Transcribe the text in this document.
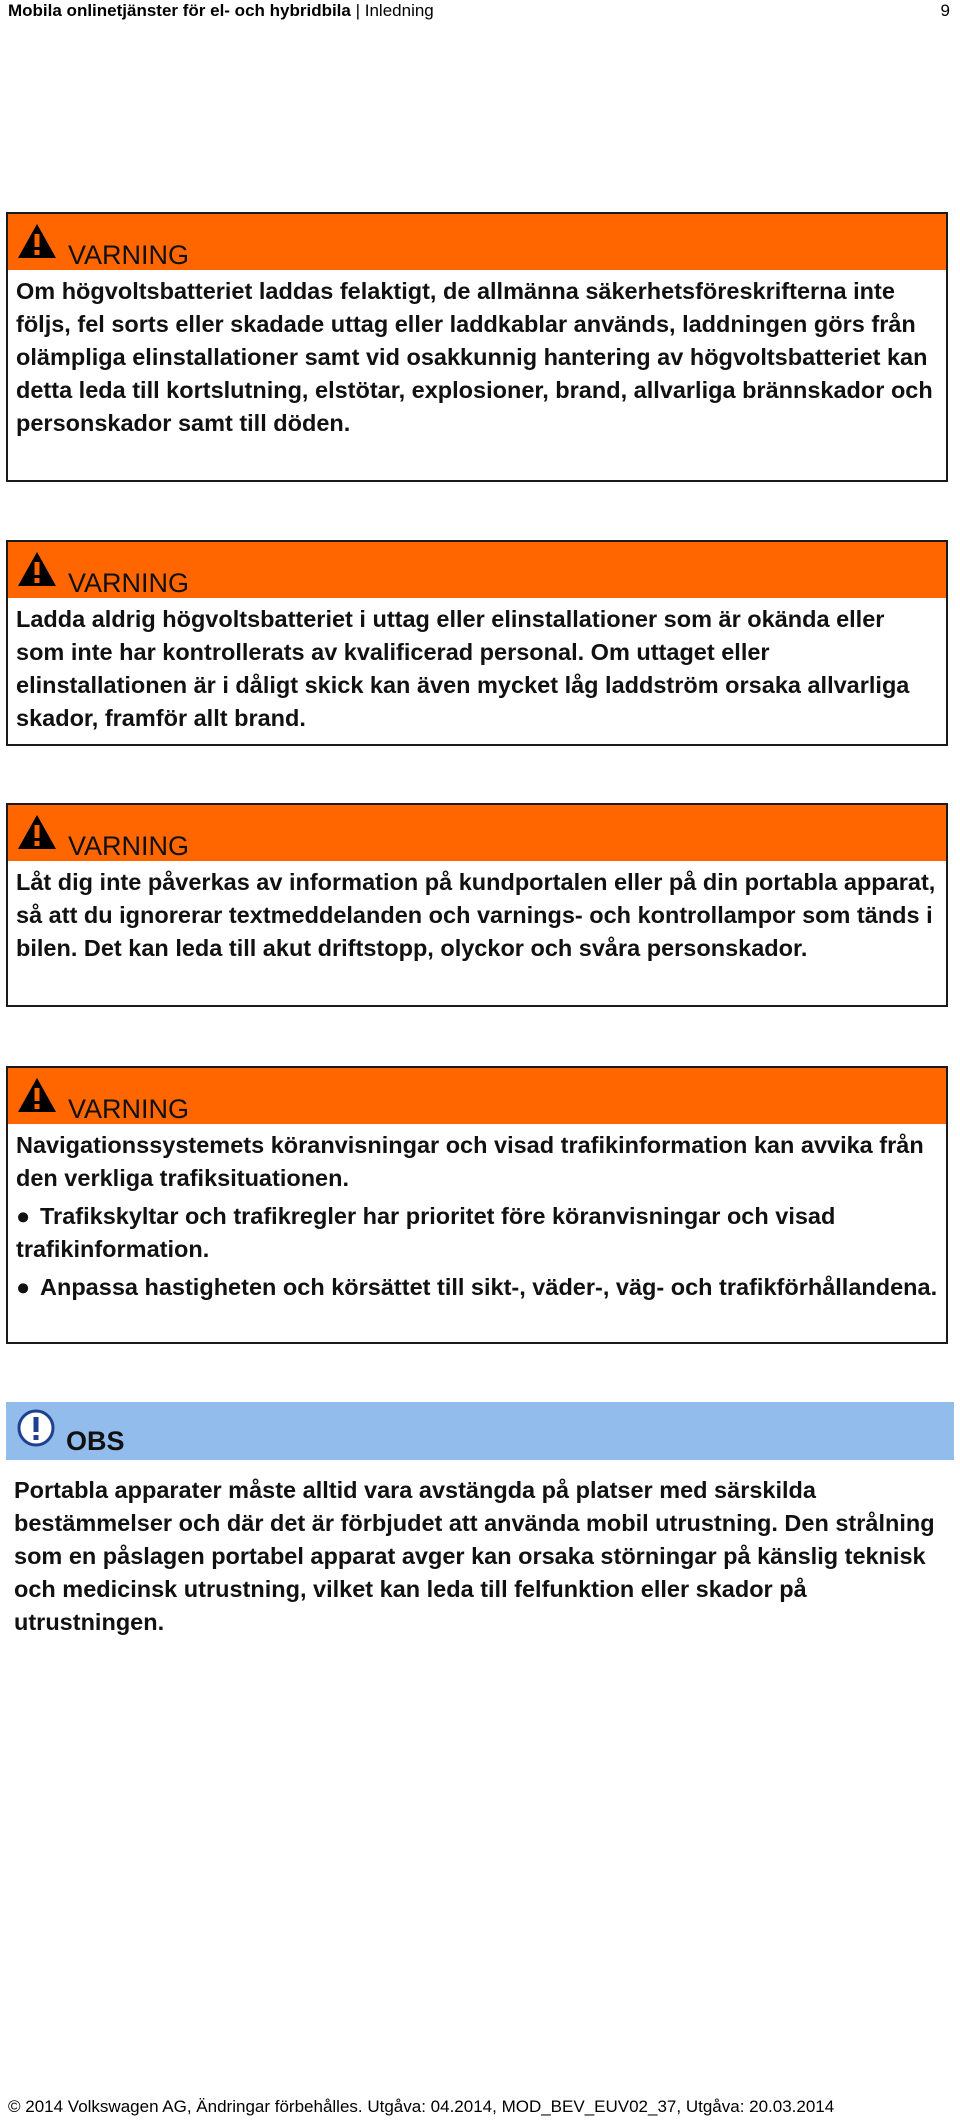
Mobila onlinetjänster för el- och hybridbila | Inledning	9
VARNING

Om högvoltsbatteriet laddas felaktigt, de allmänna säkerhetsföreskrifterna inte följs, fel sorts eller skadade uttag eller laddkablar används, laddningen görs från olämpliga elinstallationer samt vid osakkunnig hantering av högvoltsbatteriet kan detta leda till kortslutning, elstötar, explosioner, brand, allvarliga brännskador och personskador samt till döden.

VARNING

Ladda aldrig högvoltsbatteriet i uttag eller elinstallationer som är okända eller som inte har kontrollerats av kvalificerad personal. Om uttaget eller elinstallationen är i dåligt skick kan även mycket låg laddström orsaka allvarliga skador, framför allt brand.

VARNING

Låt dig inte påverkas av information på kundportalen eller på din portabla apparat, så att du ignorerar textmeddelanden och varnings- och kontrollampor som tänds i bilen. Det kan leda till akut driftstopp, olyckor och svåra personskador.

VARNING

Navigationssystemets köranvisningar och visad trafikinformation kan avvika från den verkliga trafiksituationen.

● Trafikskyltar och trafikregler har prioritet före köranvisningar och visad trafikinformation.

● Anpassa hastigheten och körsättet till sikt-, väder-, väg- och trafikförhållandena.

OBS
Portabla apparater måste alltid vara avstängda på platser med särskilda bestämmelser och där det är förbjudet att använda mobil utrustning. Den strålning som en påslagen portabel apparat avger kan orsaka störningar på känslig teknisk och medicinsk utrustning, vilket kan leda till felfunktion eller skador på utrustningen.
© 2014 Volkswagen AG, Ändringar förbehålles. Utgåva: 04.2014, MOD_BEV_EUV02_37, Utgåva: 20.03.2014
